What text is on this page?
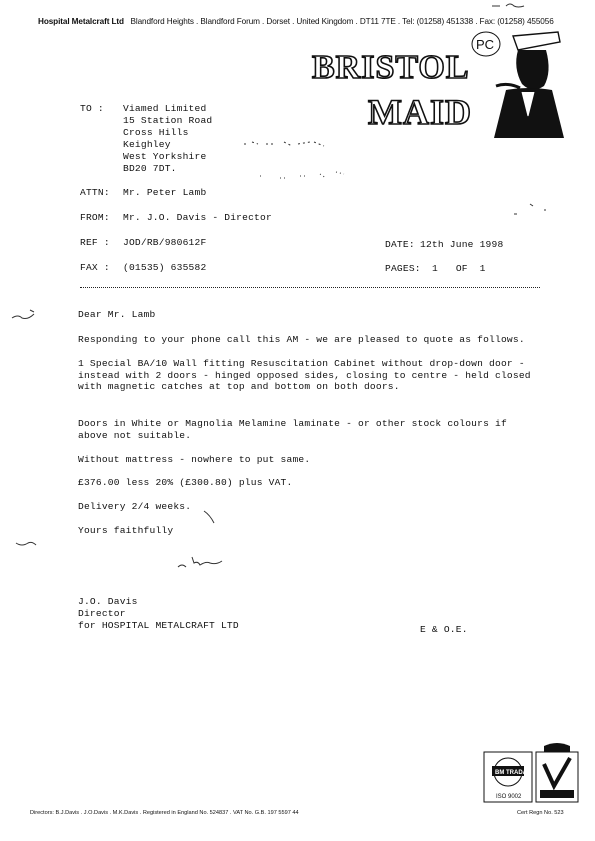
Hospital Metalcraft Ltd Blandford Heights . Blandford Forum . Dorset . United Kingdom . DT11 7TE . Tel: (01258) 451338 . Fax: (01258) 455056
BRISTOL
MAID
PC
TO : Viamed Limited
15 Station Road
Cross Hills
Keighley
West Yorkshire
BD20 7DT.
ATTN: Mr. Peter Lamb
FROM: Mr. J.O. Davis - Director
REF : JOD/RB/980612F	DATE: 12th June 1998
FAX : (01535) 635582	PAGES: 1   OF  1
Dear Mr. Lamb
Responding to your phone call this AM - we are pleased to quote as follows.
1 Special BA/10 Wall fitting Resuscitation Cabinet without drop-down door - instead with 2 doors - hinged opposed sides, closing to centre - held closed with magnetic catches at top and bottom on both doors.
Doors in White or Magnolia Melamine laminate - or other stock colours if above not suitable.
Without mattress - nowhere to put same.
£376.00 less 20% (£300.80) plus VAT.
Delivery 2/4 weeks.
Yours faithfully
J.O. Davis
Director
for HOSPITAL METALCRAFT LTD	E & O.E.
BM TRADA
ISO 9002
Directors: B.J.Davis . J.O.Davis . M.K.Davis . Registered in England No. 524837 . VAT No. G.B. 197 5597 44	Cert Regn No. 523
